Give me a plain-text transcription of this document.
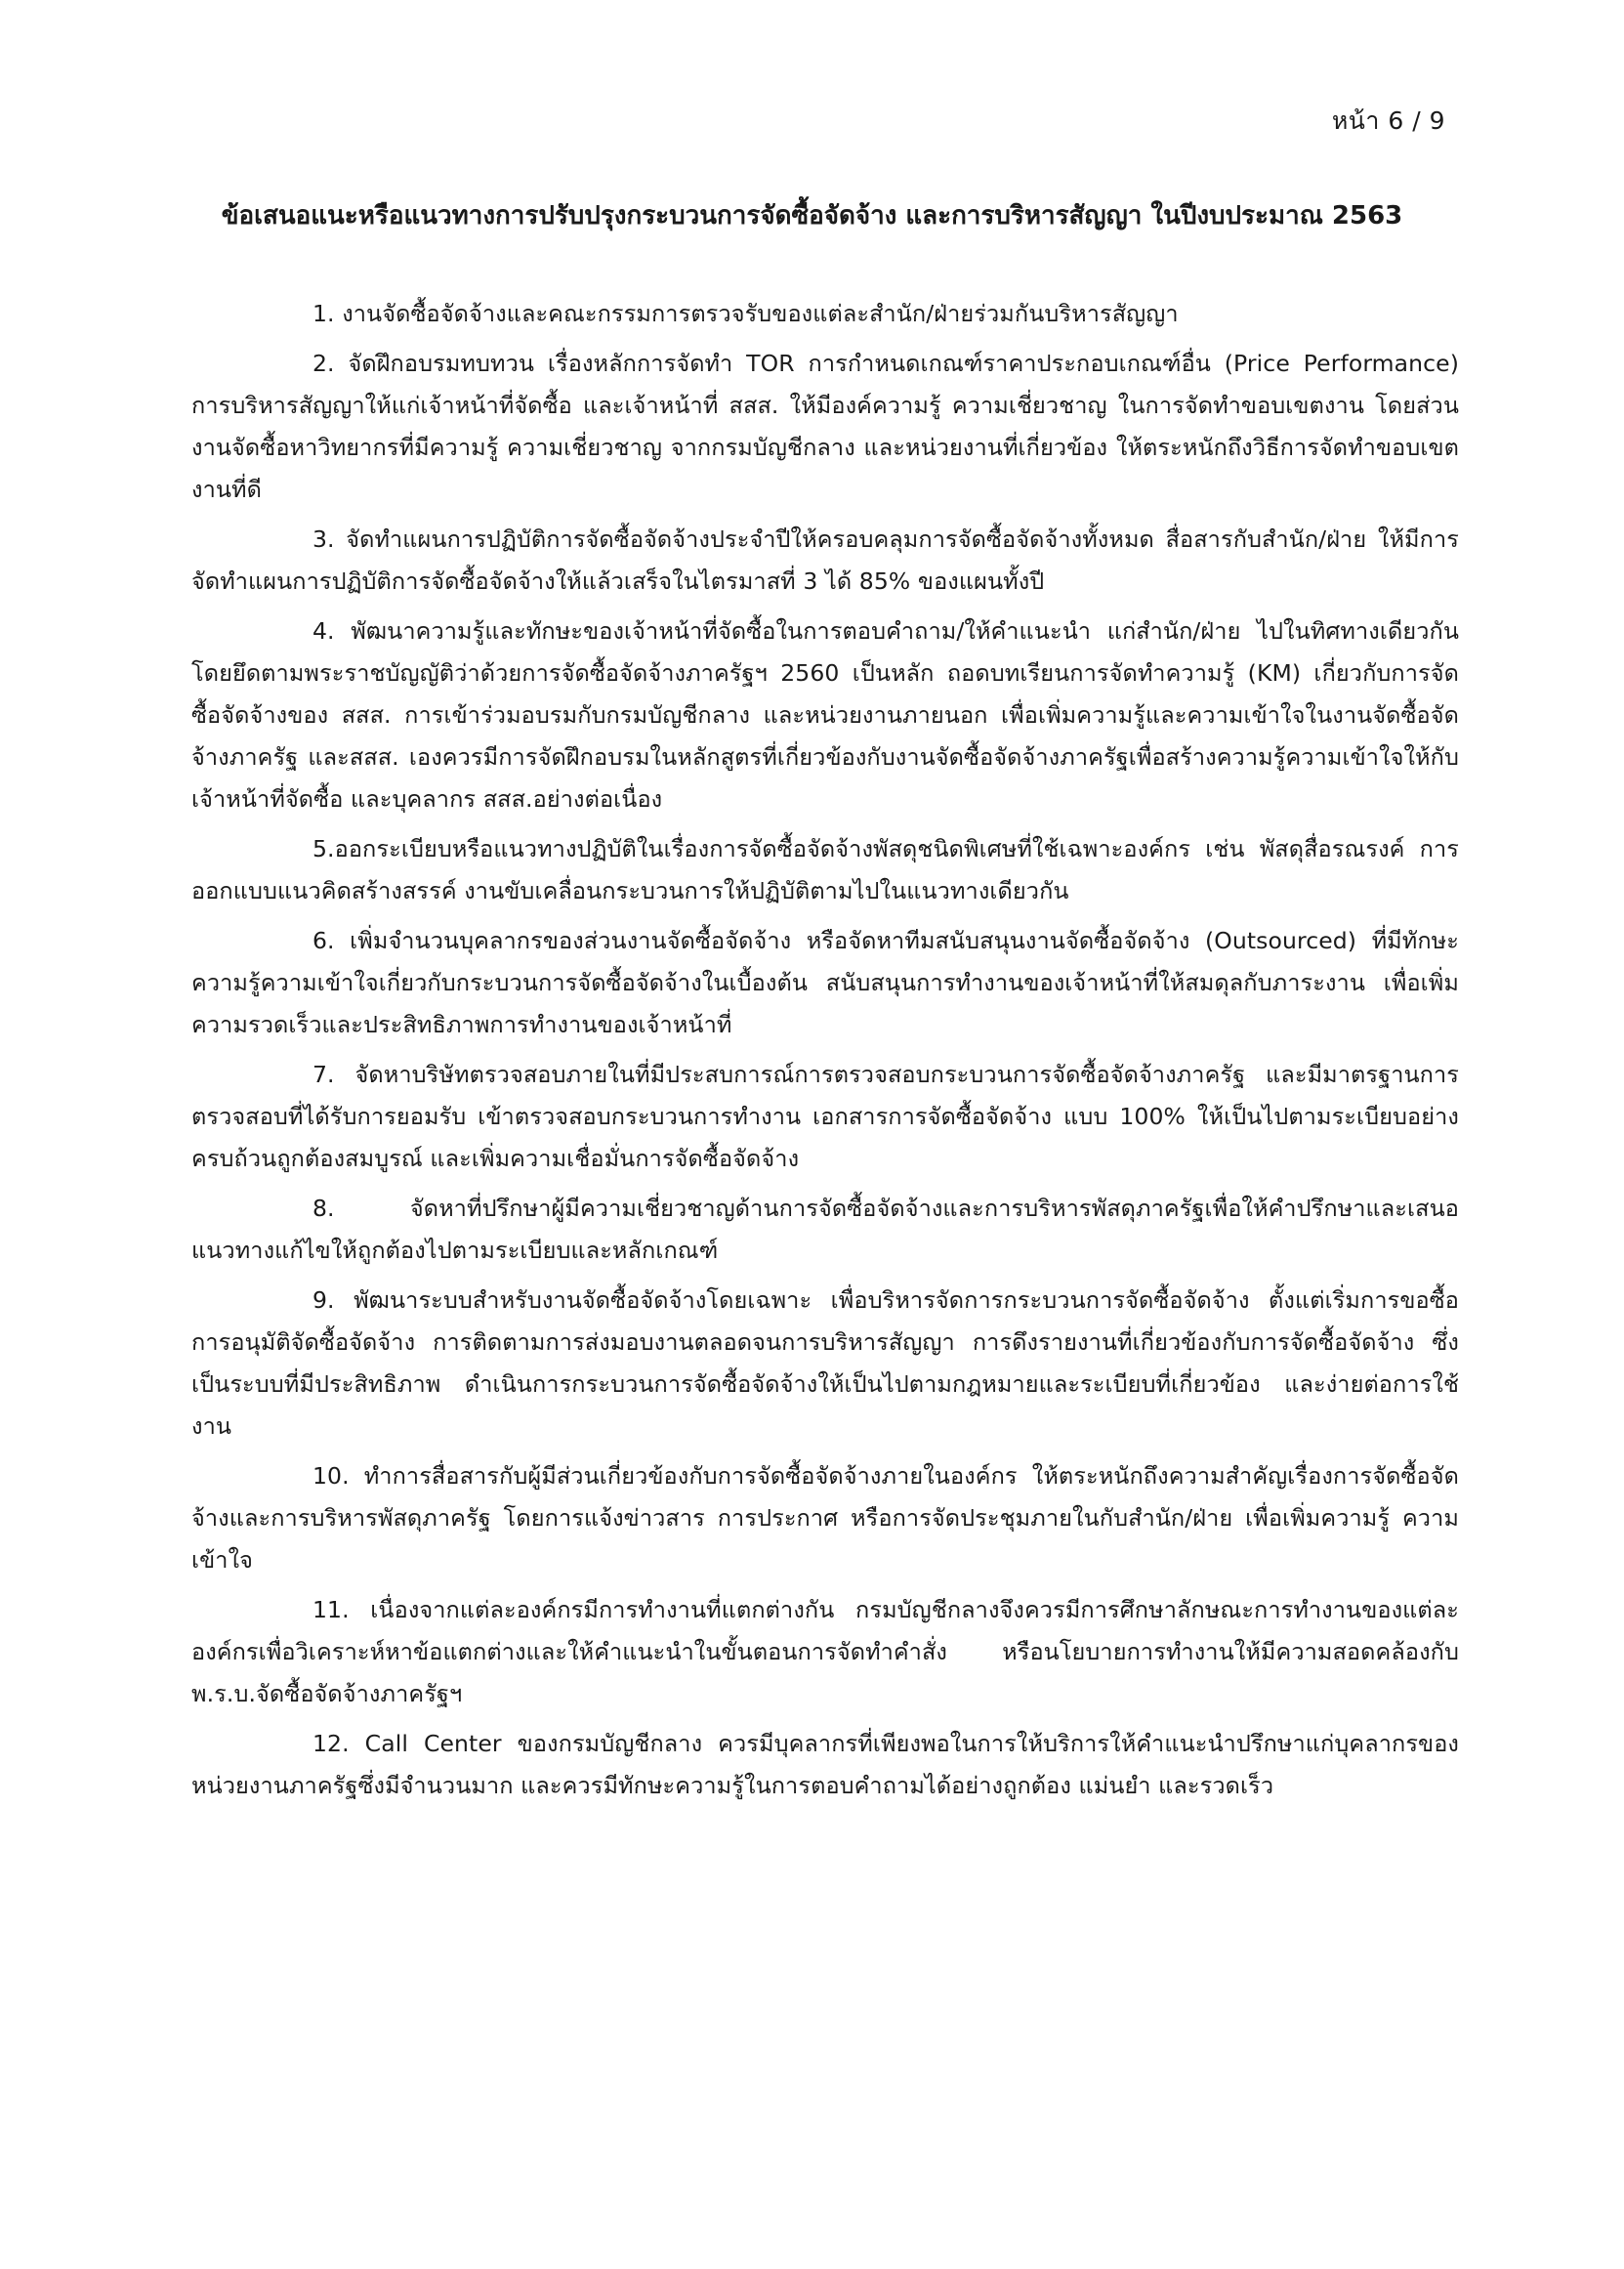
หน้า 6 / 9
ข้อเสนอแนะหรือแนวทางการปรับปรุงกระบวนการจัดซื้อจัดจ้าง และการบริหารสัญญา ในปีงบประมาณ 2563

1. งานจัดซื้อจัดจ้างและคณะกรรมการตรวจรับของแต่ละสำนัก/ฝ่ายร่วมกันบริหารสัญญา

2. จัดฝึกอบรมทบทวน เรื่องหลักการจัดทำ TOR การกำหนดเกณฑ์ราคาประกอบเกณฑ์อื่น (Price Performance) การบริหารสัญญาให้แก่เจ้าหน้าที่จัดซื้อ และเจ้าหน้าที่ สสส. ให้มีองค์ความรู้ ความเชี่ยวชาญ ในการจัดทำขอบเขตงาน โดยส่วนงานจัดซื้อหาวิทยากรที่มีความรู้ ความเชี่ยวชาญ จากกรมบัญชีกลาง และหน่วยงานที่เกี่ยวข้อง ให้ตระหนักถึงวิธีการจัดทำขอบเขตงานที่ดี

3. จัดทำแผนการปฏิบัติการจัดซื้อจัดจ้างประจำปีให้ครอบคลุมการจัดซื้อจัดจ้างทั้งหมด สื่อสารกับสำนัก/ฝ่าย ให้มีการจัดทำแผนการปฏิบัติการจัดซื้อจัดจ้างให้แล้วเสร็จในไตรมาสที่ 3 ได้ 85% ของแผนทั้งปี

4. พัฒนาความรู้และทักษะของเจ้าหน้าที่จัดซื้อในการตอบคำถาม/ให้คำแนะนำ แก่สำนัก/ฝ่าย ไปในทิศทางเดียวกันโดยยึดตามพระราชบัญญัติว่าด้วยการจัดซื้อจัดจ้างภาครัฐฯ 2560 เป็นหลัก ถอดบทเรียนการจัดทำความรู้ (KM) เกี่ยวกับการจัดซื้อจัดจ้างของ สสส. การเข้าร่วมอบรมกับกรมบัญชีกลาง และหน่วยงานภายนอก เพื่อเพิ่มความรู้และความเข้าใจในงานจัดซื้อจัดจ้างภาครัฐ และสสส. เองควรมีการจัดฝึกอบรมในหลักสูตรที่เกี่ยวข้องกับงานจัดซื้อจัดจ้างภาครัฐเพื่อสร้างความรู้ความเข้าใจให้กับเจ้าหน้าที่จัดซื้อ และบุคลากร สสส.อย่างต่อเนื่อง

5.ออกระเบียบหรือแนวทางปฏิบัติในเรื่องการจัดซื้อจัดจ้างพัสดุชนิดพิเศษที่ใช้เฉพาะองค์กร เช่น พัสดุสื่อรณรงค์ การออกแบบแนวคิดสร้างสรรค์ งานขับเคลื่อนกระบวนการให้ปฏิบัติตามไปในแนวทางเดียวกัน

6. เพิ่มจำนวนบุคลากรของส่วนงานจัดซื้อจัดจ้าง หรือจัดหาทีมสนับสนุนงานจัดซื้อจัดจ้าง (Outsourced) ที่มีทักษะความรู้ความเข้าใจเกี่ยวกับกระบวนการจัดซื้อจัดจ้างในเบื้องต้น สนับสนุนการทำงานของเจ้าหน้าที่ให้สมดุลกับภาระงาน เพื่อเพิ่มความรวดเร็วและประสิทธิภาพการทำงานของเจ้าหน้าที่

7. จัดหาบริษัทตรวจสอบภายในที่มีประสบการณ์การตรวจสอบกระบวนการจัดซื้อจัดจ้างภาครัฐ และมีมาตรฐานการตรวจสอบที่ได้รับการยอมรับ เข้าตรวจสอบกระบวนการทำงาน เอกสารการจัดซื้อจัดจ้าง แบบ 100% ให้เป็นไปตามระเบียบอย่างครบถ้วนถูกต้องสมบูรณ์ และเพิ่มความเชื่อมั่นการจัดซื้อจัดจ้าง

8. จัดหาที่ปรึกษาผู้มีความเชี่ยวชาญด้านการจัดซื้อจัดจ้างและการบริหารพัสดุภาครัฐเพื่อให้คำปรึกษาและเสนอแนวทางแก้ไขให้ถูกต้องไปตามระเบียบและหลักเกณฑ์

9. พัฒนาระบบสำหรับงานจัดซื้อจัดจ้างโดยเฉพาะ เพื่อบริหารจัดการกระบวนการจัดซื้อจัดจ้าง ตั้งแต่เริ่มการขอซื้อ การอนุมัติจัดซื้อจัดจ้าง การติดตามการส่งมอบงานตลอดจนการบริหารสัญญา การดึงรายงานที่เกี่ยวข้องกับการจัดซื้อจัดจ้าง ซึ่งเป็นระบบที่มีประสิทธิภาพ ดำเนินการกระบวนการจัดซื้อจัดจ้างให้เป็นไปตามกฎหมายและระเบียบที่เกี่ยวข้อง และง่ายต่อการใช้งาน

10. ทำการสื่อสารกับผู้มีส่วนเกี่ยวข้องกับการจัดซื้อจัดจ้างภายในองค์กร ให้ตระหนักถึงความสำคัญเรื่องการจัดซื้อจัดจ้างและการบริหารพัสดุภาครัฐ โดยการแจ้งข่าวสาร การประกาศ หรือการจัดประชุมภายในกับสำนัก/ฝ่าย เพื่อเพิ่มความรู้ ความเข้าใจ

11. เนื่องจากแต่ละองค์กรมีการทำงานที่แตกต่างกัน กรมบัญชีกลางจึงควรมีการศึกษาลักษณะการทำงานของแต่ละองค์กรเพื่อวิเคราะห์หาข้อแตกต่างและให้คำแนะนำในขั้นตอนการจัดทำคำสั่ง หรือนโยบายการทำงานให้มีความสอดคล้องกับ พ.ร.บ.จัดซื้อจัดจ้างภาครัฐฯ

12. Call Center ของกรมบัญชีกลาง ควรมีบุคลากรที่เพียงพอในการให้บริการให้คำแนะนำปรึกษาแก่บุคลากรของหน่วยงานภาครัฐซึ่งมีจำนวนมาก และควรมีทักษะความรู้ในการตอบคำถามได้อย่างถูกต้อง แม่นยำ และรวดเร็ว
